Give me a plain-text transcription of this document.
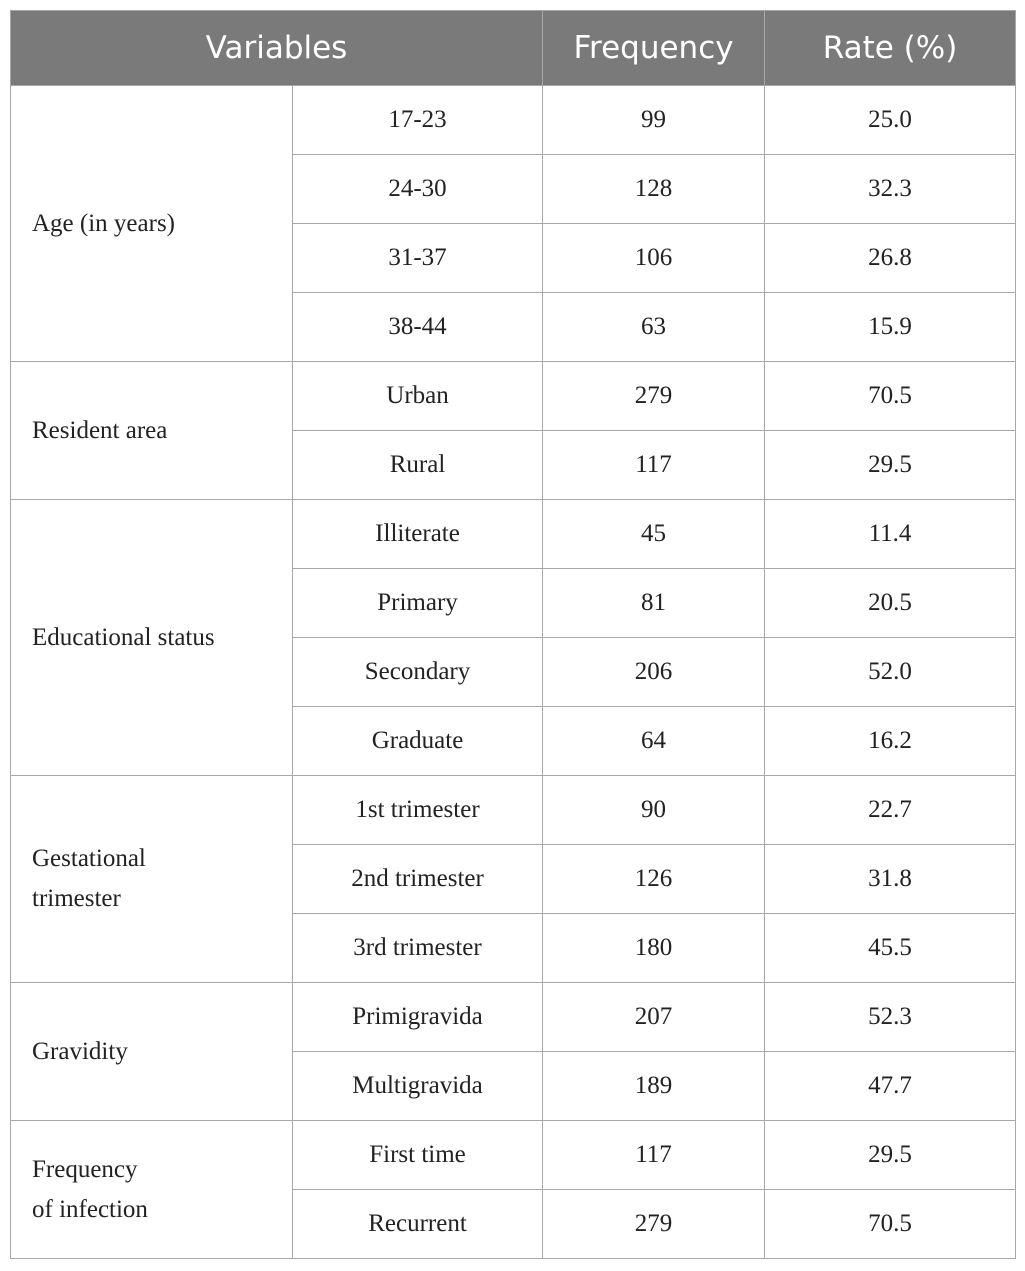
Variables		Frequency	Rate (%)
Age (in years)	17-23	99	25.0
	24-30	128	32.3
	31-37	106	26.8
	38-44	63	15.9
Resident area	Urban	279	70.5
	Rural	117	29.5
Educational status	Illiterate	45	11.4
	Primary	81	20.5
	Secondary	206	52.0
	Graduate	64	16.2
Gestational
trimester	1st trimester	90	22.7
	2nd trimester	126	31.8
	3rd trimester	180	45.5
Gravidity	Primigravida	207	52.3
	Multigravida	189	47.7
Frequency
of infection	First time	117	29.5
	Recurrent	279	70.5
